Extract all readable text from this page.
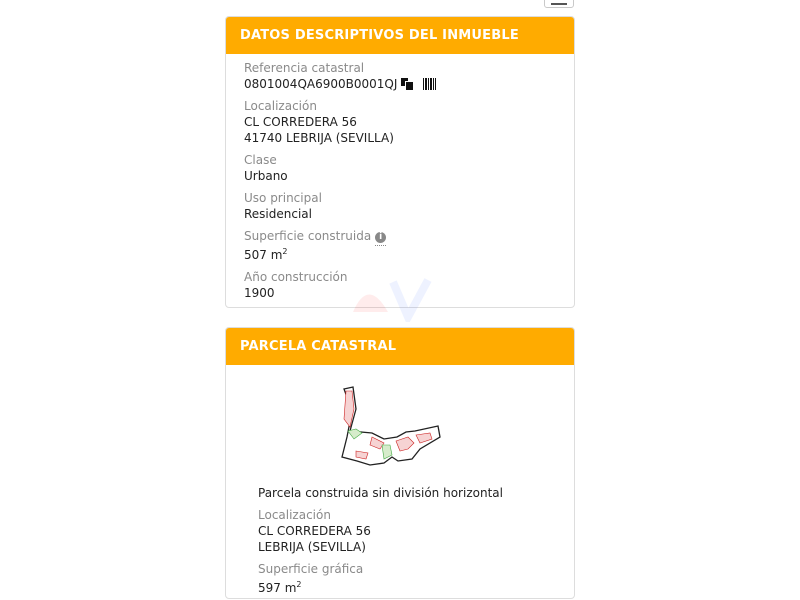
DATOS DESCRIPTIVOS DEL INMUEBLE
Referencia catastral
0801004QA6900B0001QJ
Localización
CL CORREDERA 56
41740 LEBRIJA (SEVILLA)
Clase
Urbano
Uso principal
Residencial
Superficie construida i
507 $m^2$
Año construcción
1900
PARCELA CATASTRAL
Parcela construida sin división horizontal
Localización
CL CORREDERA 56
LEBRIJA (SEVILLA)
Superficie gráfica
597 $m^2$
